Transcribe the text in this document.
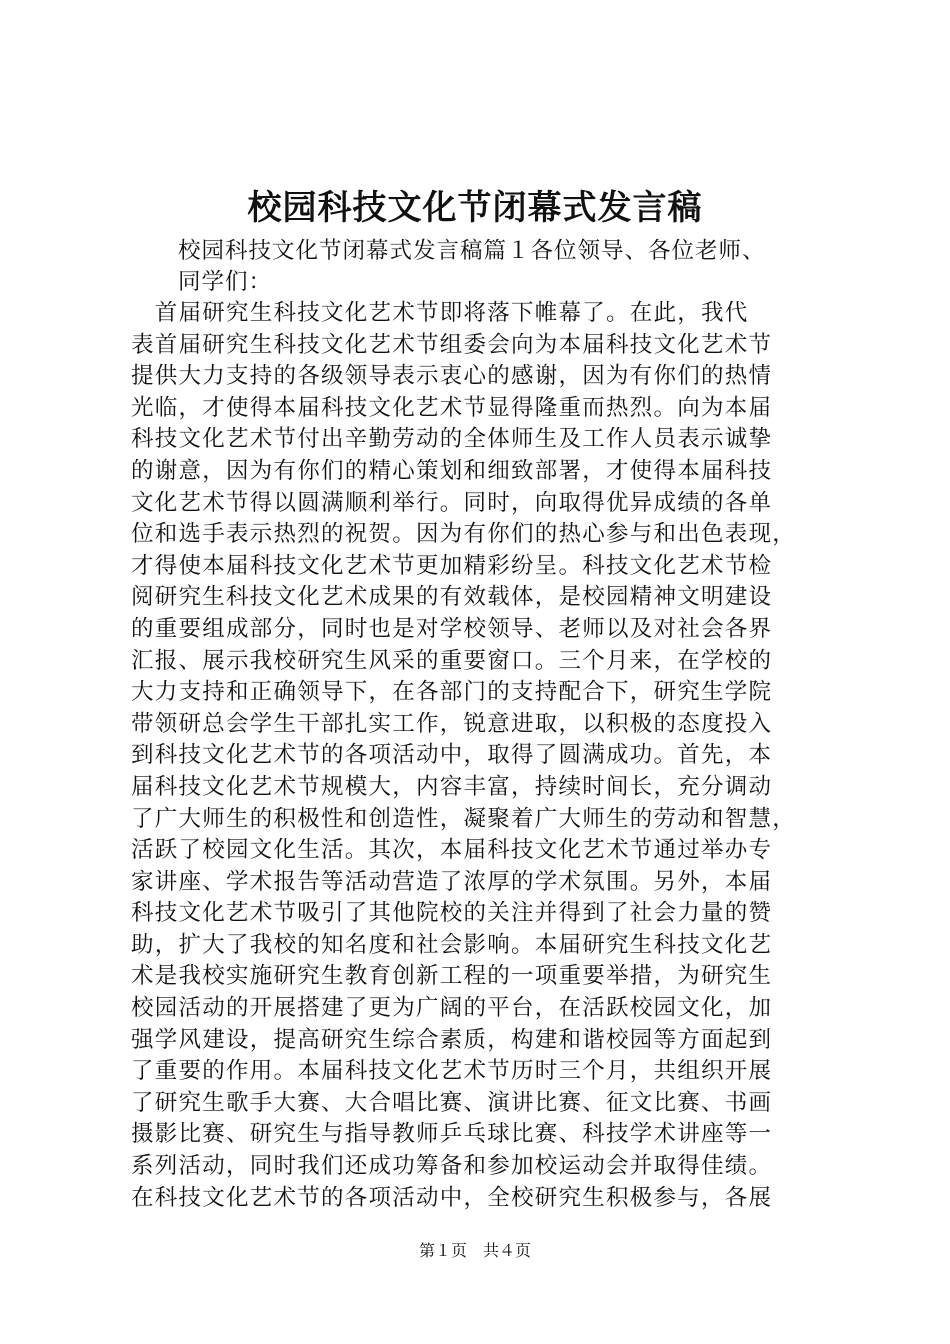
校园科技文化节闭幕式发言稿
校园科技文化节闭幕式发言稿篇１各位领导、各位老师、
同学们：
　首届研究生科技文化艺术节即将落下帷幕了。在此，我代
表首届研究生科技文化艺术节组委会向为本届科技文化艺术节
提供大力支持的各级领导表示衷心的感谢，因为有你们的热情
光临，才使得本届科技文化艺术节显得隆重而热烈。向为本届
科技文化艺术节付出辛勤劳动的全体师生及工作人员表示诚挚
的谢意，因为有你们的精心策划和细致部署，才使得本届科技
文化艺术节得以圆满顺利举行。同时，向取得优异成绩的各单
位和选手表示热烈的祝贺。因为有你们的热心参与和出色表现，
才得使本届科技文化艺术节更加精彩纷呈。科技文化艺术节检
阅研究生科技文化艺术成果的有效载体，是校园精神文明建设
的重要组成部分，同时也是对学校领导、老师以及对社会各界
汇报、展示我校研究生风采的重要窗口。三个月来，在学校的
大力支持和正确领导下，在各部门的支持配合下，研究生学院
带领研总会学生干部扎实工作，锐意进取，以积极的态度投入
到科技文化艺术节的各项活动中，取得了圆满成功。首先，本
届科技文化艺术节规模大，内容丰富，持续时间长，充分调动
了广大师生的积极性和创造性，凝聚着广大师生的劳动和智慧，
活跃了校园文化生活。其次，本届科技文化艺术节通过举办专
家讲座、学术报告等活动营造了浓厚的学术氛围。另外，本届
科技文化艺术节吸引了其他院校的关注并得到了社会力量的赞
助，扩大了我校的知名度和社会影响。本届研究生科技文化艺
术是我校实施研究生教育创新工程的一项重要举措，为研究生
校园活动的开展搭建了更为广阔的平台，在活跃校园文化，加
强学风建设，提高研究生综合素质，构建和谐校园等方面起到
了重要的作用。本届科技文化艺术节历时三个月，共组织开展
了研究生歌手大赛、大合唱比赛、演讲比赛、征文比赛、书画
摄影比赛、研究生与指导教师乒乓球比赛、科技学术讲座等一
系列活动，同时我们还成功筹备和参加校运动会并取得佳绩。
在科技文化艺术节的各项活动中，全校研究生积极参与，各展
第１页　共４页
